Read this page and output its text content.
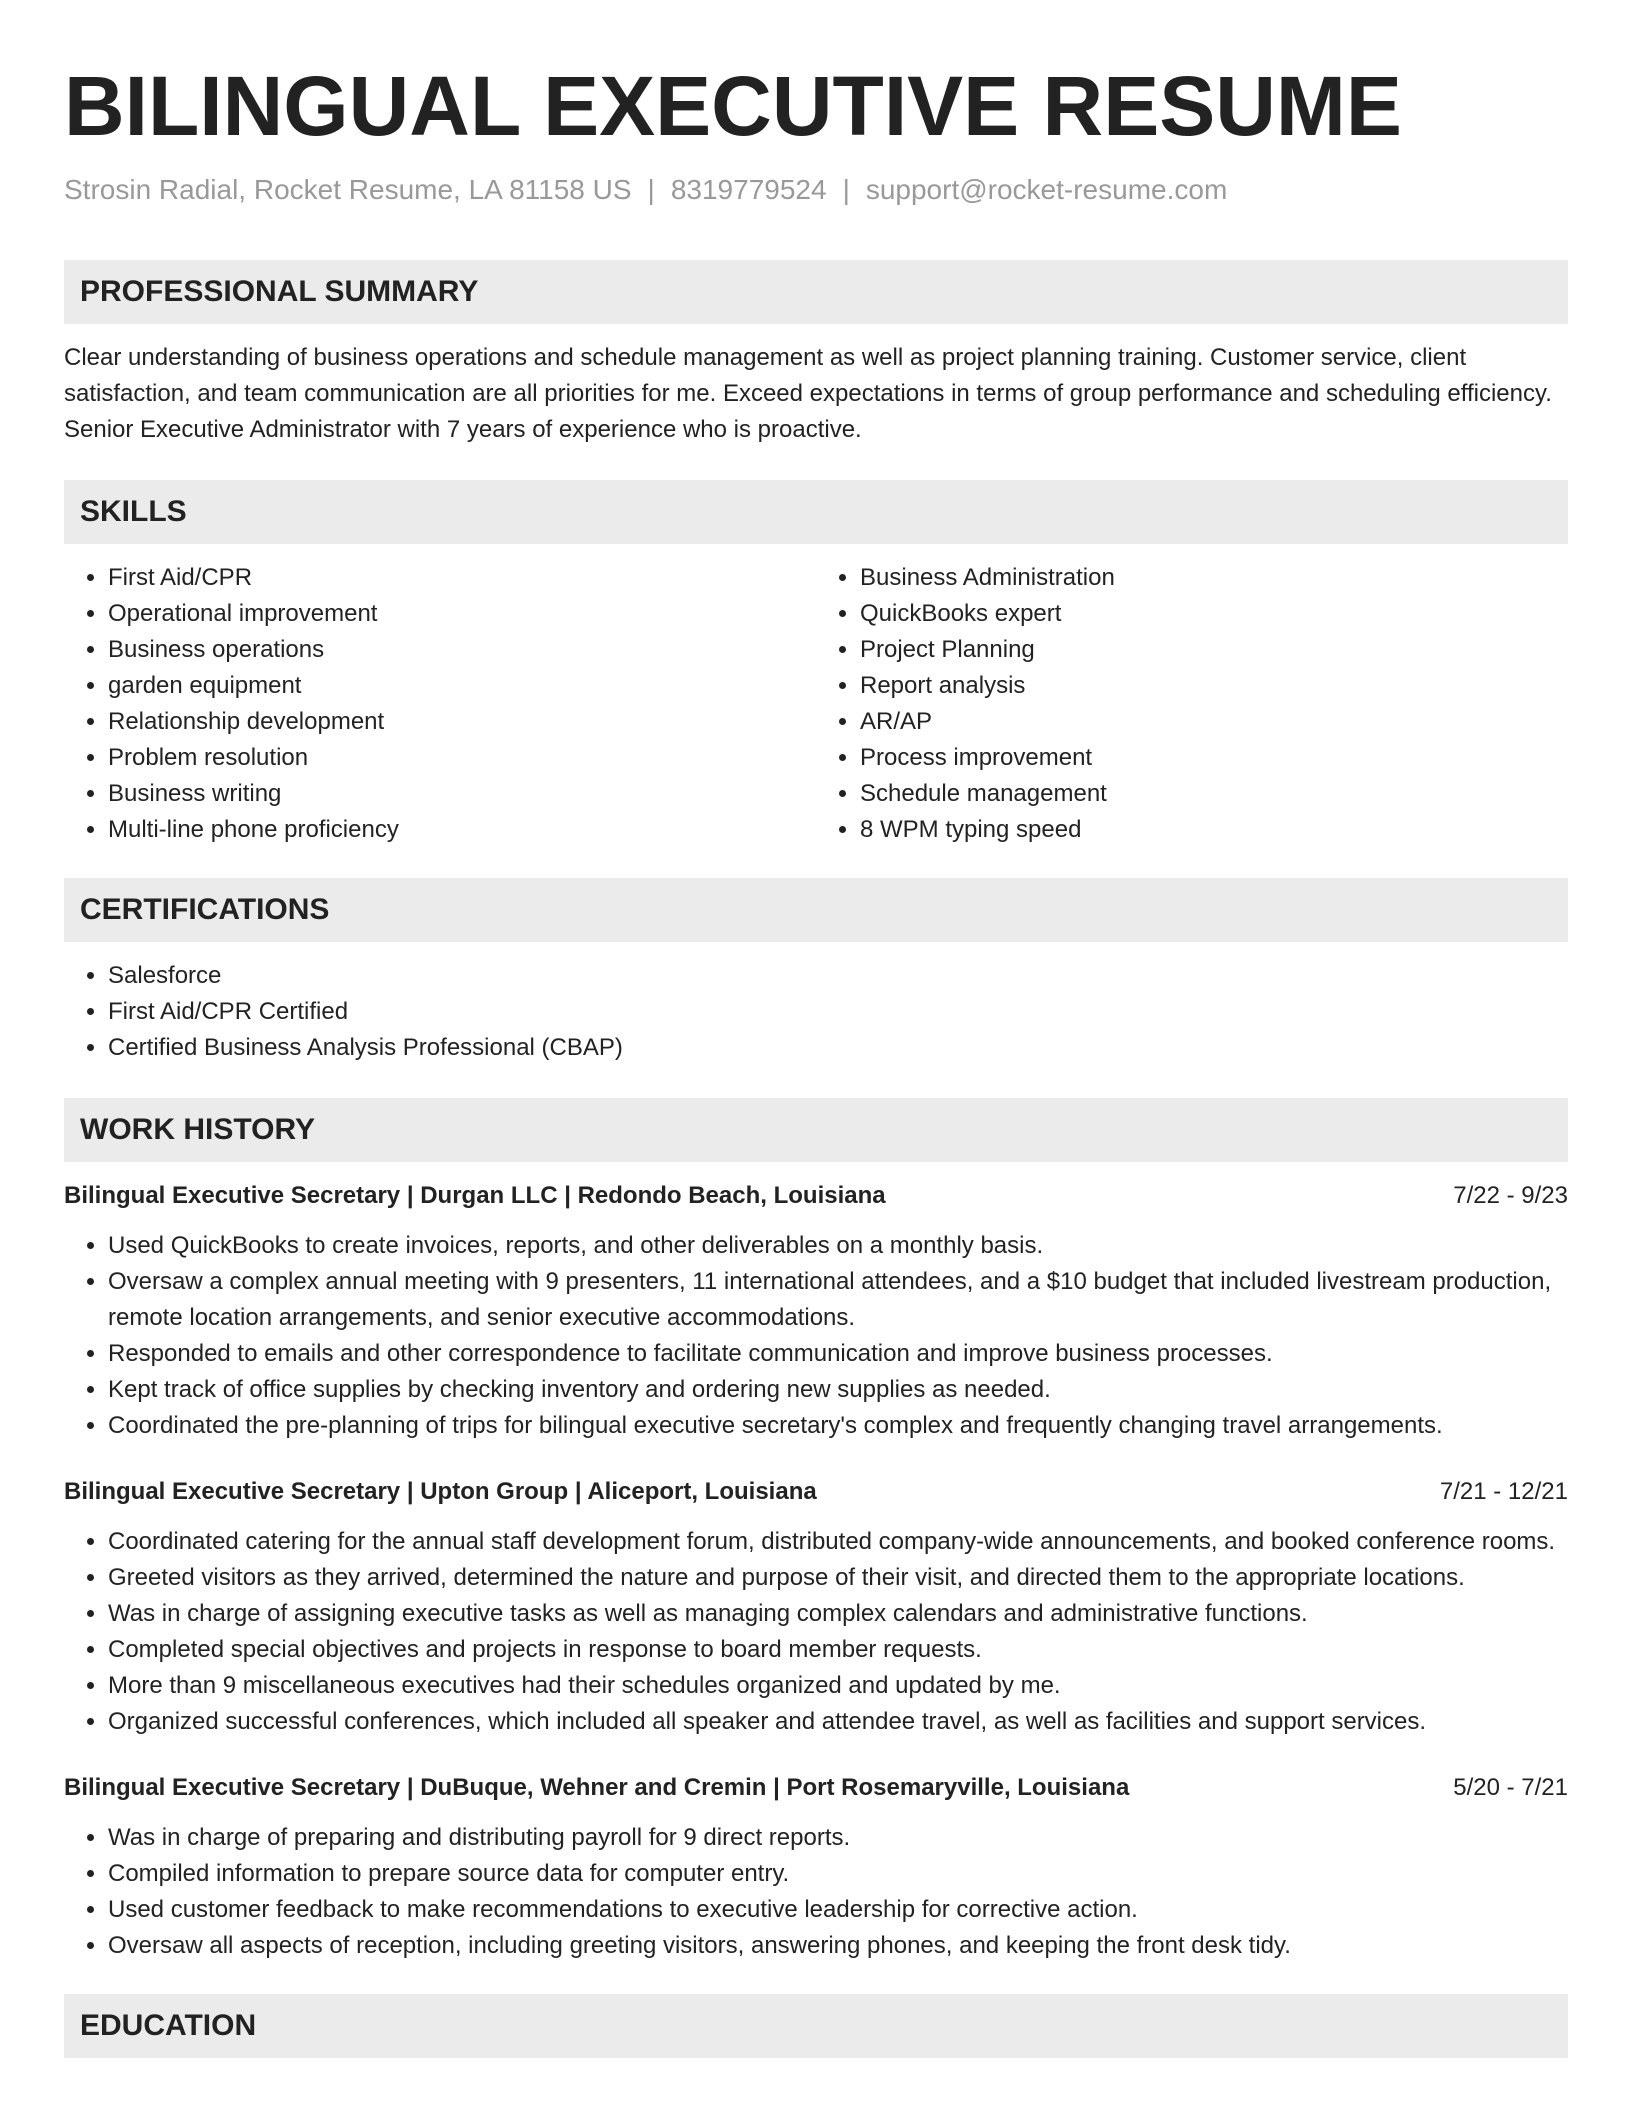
BILINGUAL EXECUTIVE RESUME
Strosin Radial, Rocket Resume, LA 81158 US | 8319779524 | support@rocket-resume.com
PROFESSIONAL SUMMARY

Clear understanding of business operations and schedule management as well as project planning training. Customer service, client satisfaction, and team communication are all priorities for me. Exceed expectations in terms of group performance and scheduling efficiency. Senior Executive Administrator with 7 years of experience who is proactive.

SKILLS
• First Aid/CPR
• Operational improvement
• Business operations
• garden equipment
• Relationship development
• Problem resolution
• Business writing
• Multi-line phone proficiency
• Business Administration
• QuickBooks expert
• Project Planning
• Report analysis
• AR/AP
• Process improvement
• Schedule management
• 8 WPM typing speed
CERTIFICATIONS
• Salesforce
• First Aid/CPR Certified
• Certified Business Analysis Professional (CBAP)
WORK HISTORY
Bilingual Executive Secretary | Durgan LLC | Redondo Beach, Louisiana	7/22 - 9/23
• Used QuickBooks to create invoices, reports, and other deliverables on a monthly basis.
• Oversaw a complex annual meeting with 9 presenters, 11 international attendees, and a $10 budget that included livestream production, remote location arrangements, and senior executive accommodations.
• Responded to emails and other correspondence to facilitate communication and improve business processes.
• Kept track of office supplies by checking inventory and ordering new supplies as needed.
• Coordinated the pre-planning of trips for bilingual executive secretary's complex and frequently changing travel arrangements.
Bilingual Executive Secretary | Upton Group | Aliceport, Louisiana	7/21 - 12/21
• Coordinated catering for the annual staff development forum, distributed company-wide announcements, and booked conference rooms.
• Greeted visitors as they arrived, determined the nature and purpose of their visit, and directed them to the appropriate locations.
• Was in charge of assigning executive tasks as well as managing complex calendars and administrative functions.
• Completed special objectives and projects in response to board member requests.
• More than 9 miscellaneous executives had their schedules organized and updated by me.
• Organized successful conferences, which included all speaker and attendee travel, as well as facilities and support services.
Bilingual Executive Secretary | DuBuque, Wehner and Cremin | Port Rosemaryville, Louisiana	5/20 - 7/21
• Was in charge of preparing and distributing payroll for 9 direct reports.
• Compiled information to prepare source data for computer entry.
• Used customer feedback to make recommendations to executive leadership for corrective action.
• Oversaw all aspects of reception, including greeting visitors, answering phones, and keeping the front desk tidy.
EDUCATION
